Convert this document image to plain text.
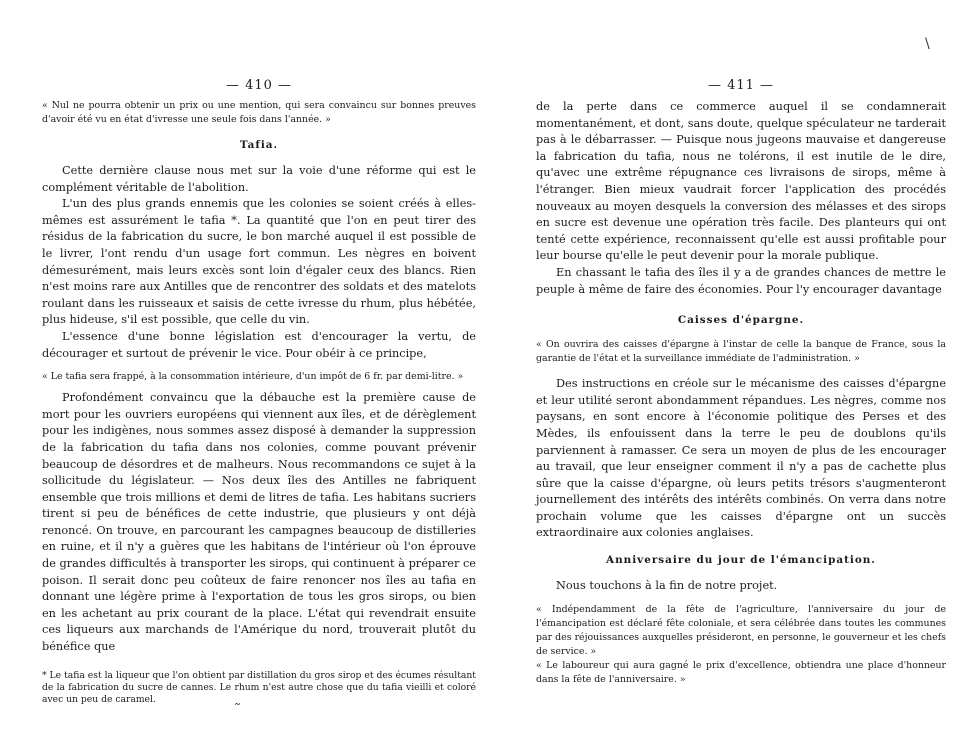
— 410 —

« Nul ne pourra obtenir un prix ou une mention, qui sera convaincu sur bonnes preuves d'avoir été vu en état d'ivresse une seule fois dans l'année. »

Tafia.

Cette dernière clause nous met sur la voie d'une réforme qui est le complément véritable de l'abolition.

L'un des plus grands ennemis que les colonies se soient créés à elles-mêmes est assurément le tafia *. La quantité que l'on en peut tirer des résidus de la fabrication du sucre, le bon marché auquel il est possible de le livrer, l'ont rendu d'un usage fort commun. Les nègres en boivent démesurément, mais leurs excès sont loin d'égaler ceux des blancs. Rien n'est moins rare aux Antilles que de rencontrer des soldats et des matelots roulant dans les ruisseaux et saisis de cette ivresse du rhum, plus hébétée, plus hideuse, s'il est possible, que celle du vin.

L'essence d'une bonne législation est d'encourager la vertu, de décourager et surtout de prévenir le vice. Pour obéir à ce principe,

« Le tafia sera frappé, à la consommation intérieure, d'un impôt de 6 fr. par demi-litre. »

Profondément convaincu que la débauche est la première cause de mort pour les ouvriers européens qui viennent aux îles, et de dérèglement pour les indigènes, nous sommes assez disposé à demander la suppression de la fabrication du tafia dans nos colonies, comme pouvant prévenir beaucoup de désordres et de malheurs. Nous recommandons ce sujet à la sollicitude du législateur. — Nos deux îles des Antilles ne fabriquent ensemble que trois millions et demi de litres de tafia. Les habitans sucriers tirent si peu de bénéfices de cette industrie, que plusieurs y ont déjà renoncé. On trouve, en parcourant les campagnes beaucoup de distilleries en ruine, et il n'y a guères que les habitans de l'intérieur où l'on éprouve de grandes difficultés à transporter les sirops, qui continuent à préparer ce poison. Il serait donc peu coûteux de faire renoncer nos îles au tafia en donnant une légère prime à l'exportation de tous les gros sirops, ou bien en les achetant au prix courant de la place. L'état qui revendrait ensuite ces liqueurs aux marchands de l'Amérique du nord, trouverait plutôt du bénéfice que

* Le tafia est la liqueur que l'on obtient par distillation du gros sirop et des écumes résultant de la fabrication du sucre de cannes. Le rhum n'est autre chose que du tafia vieilli et coloré avec un peu de caramel.

— 411 —

de la perte dans ce commerce auquel il se condamnerait momentanément, et dont, sans doute, quelque spéculateur ne tarderait pas à le débarrasser. — Puisque nous jugeons mauvaise et dangereuse la fabrication du tafia, nous ne tolérons, il est inutile de le dire, qu'avec une extrême répugnance ces livraisons de sirops, même à l'étranger. Bien mieux vaudrait forcer l'application des procédés nouveaux au moyen desquels la conversion des mélasses et des sirops en sucre est devenue une opération très facile. Des planteurs qui ont tenté cette expérience, reconnaissent qu'elle est aussi profitable pour leur bourse qu'elle le peut devenir pour la morale publique.

En chassant le tafia des îles il y a de grandes chances de mettre le peuple à même de faire des économies. Pour l'y encourager davantage

Caisses d'épargne.

« On ouvrira des caisses d'épargne à l'instar de celle la banque de France, sous la garantie de l'état et la surveillance immédiate de l'administration. »

Des instructions en créole sur le mécanisme des caisses d'épargne et leur utilité seront abondamment répandues. Les nègres, comme nos paysans, en sont encore à l'économie politique des Perses et des Mèdes, ils enfouissent dans la terre le peu de doublons qu'ils parviennent à ramasser. Ce sera un moyen de plus de les encourager au travail, que leur enseigner comment il n'y a pas de cachette plus sûre que la caisse d'épargne, où leurs petits trésors s'augmenteront journellement des intérêts des intérêts combinés. On verra dans notre prochain volume que les caisses d'épargne ont un succès extraordinaire aux colonies anglaises.

Anniversaire du jour de l'émancipation.

Nous touchons à la fin de notre projet.

« Indépendamment de la fête de l'agriculture, l'anniversaire du jour de l'émancipation est déclaré fête coloniale, et sera célébrée dans toutes les communes par des réjouissances auxquelles présideront, en personne, le gouverneur et les chefs de service. »

« Le laboureur qui aura gagné le prix d'excellence, obtiendra une place d'honneur dans la fête de l'anniversaire. »

\
˜
